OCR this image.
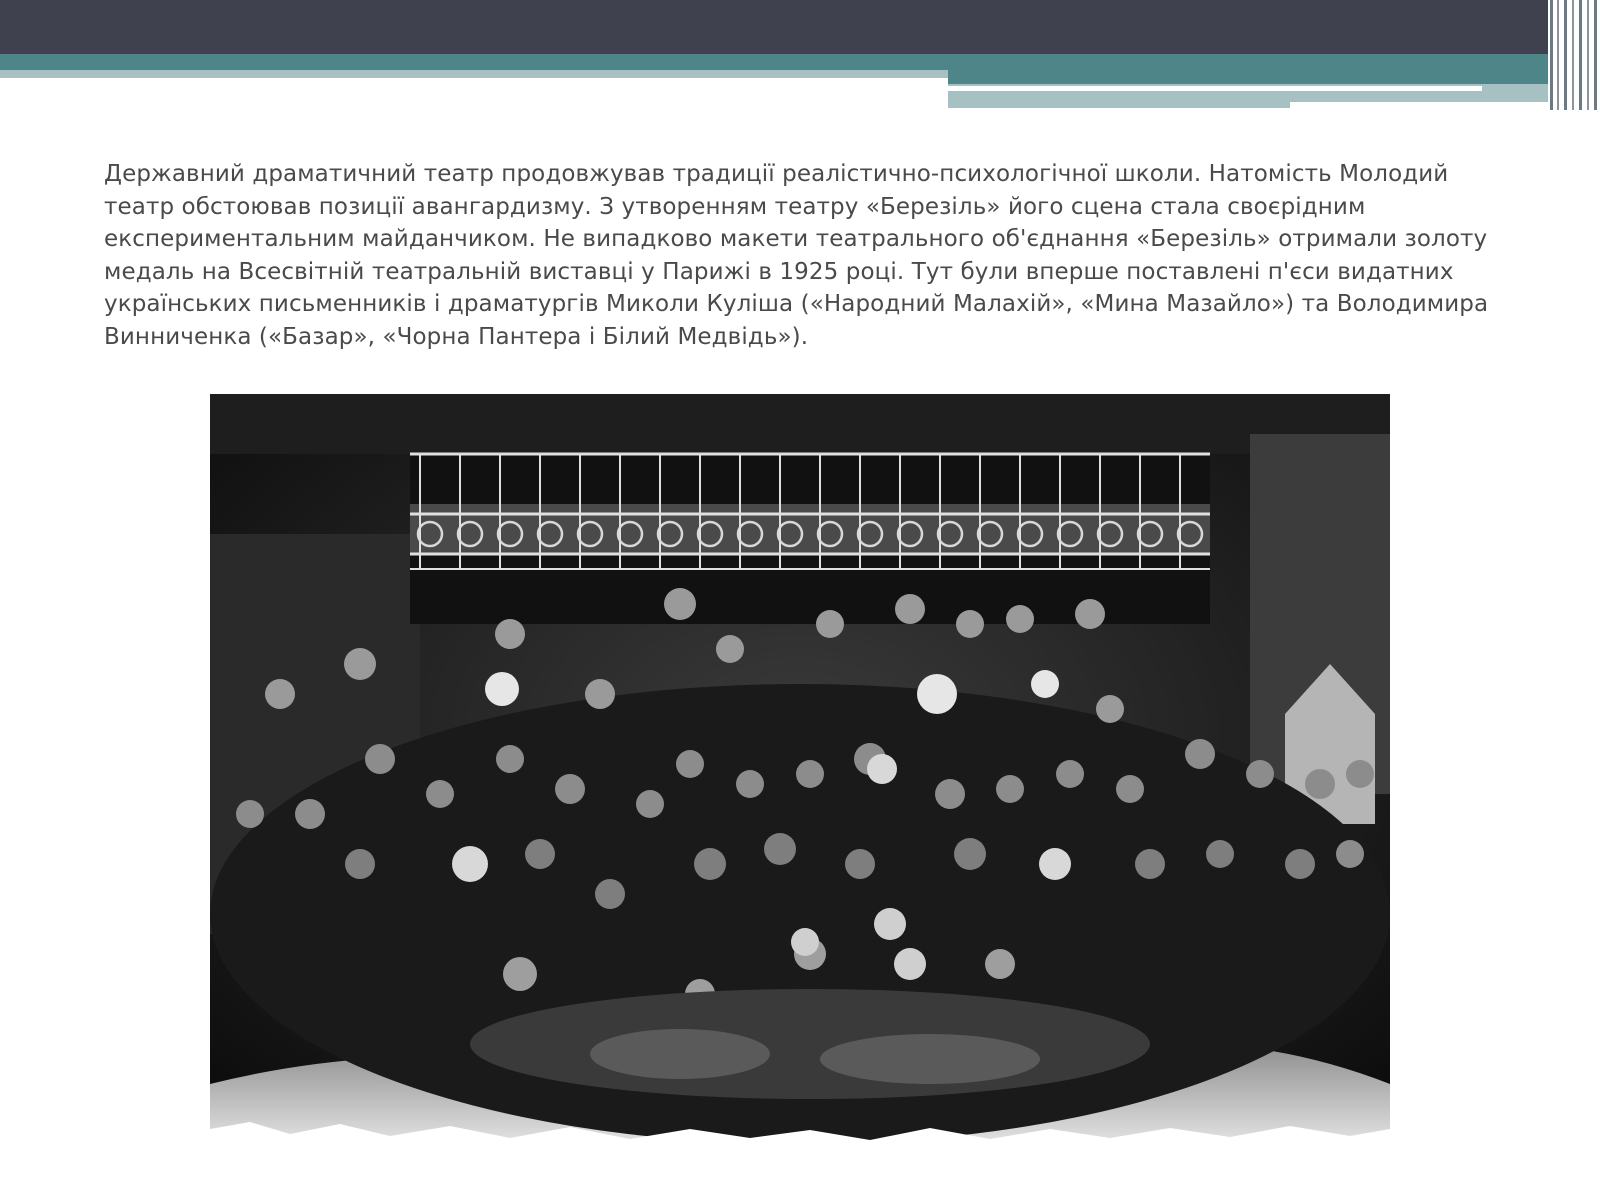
Державний драматичний театр продовжував традиції реалістично-психологічної школи. Натомість Молодий театр обстоював позиції авангардизму. З утворенням театру «Березіль» його сцена стала своєрідним експериментальним майданчиком. Не випадково макети театрального об'єднання «Березіль» отримали золоту медаль на Всесвітній театральній виставці у Парижі в 1925 році. Тут були вперше поставлені п'єси видатних українських письменників і драматургів Миколи Куліша («Народний Малахій», «Мина Мазайло») та Володимира Винниченка («Базар», «Чорна Пантера і Білий Медвідь»).
